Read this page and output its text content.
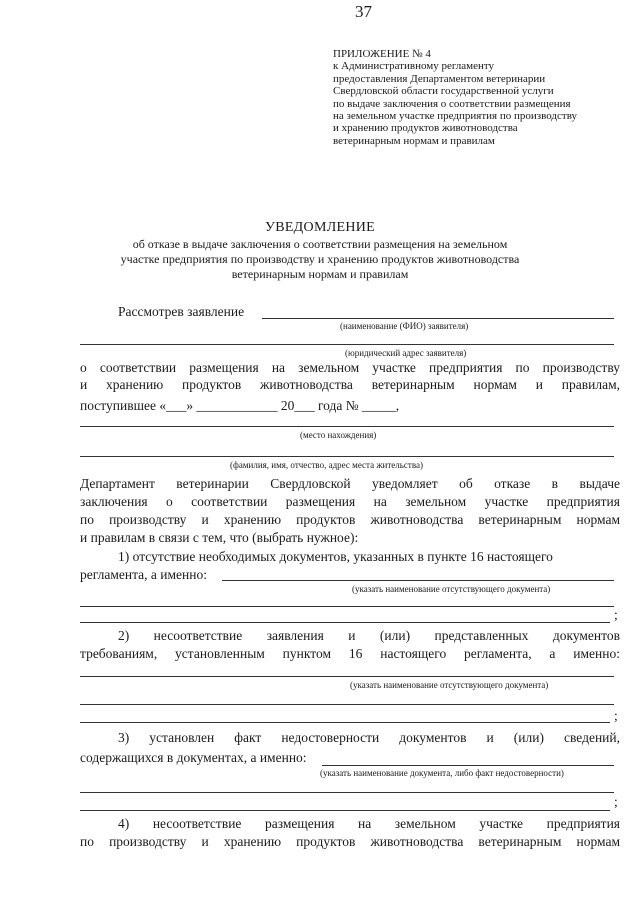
37
ПРИЛОЖЕНИЕ № 4
к Административному регламенту
предоставления Департаментом ветеринарии
Свердловской области государственной услуги
по выдаче заключения о соответствии размещения
на земельном участке предприятия по производству
и хранению продуктов животноводства
ветеринарным нормам и правилам
УВЕДОМЛЕНИЕ
об отказе в выдаче заключения о соответствии размещения на земельном
участке предприятия по производству и хранению продуктов животноводства
ветеринарным нормам и правилам
Рассмотрев заявление
(наименование (ФИО) заявителя)
(юридический адрес заявителя)
о соответствии размещения на земельном участке предприятия по производству
и хранению продуктов животноводства ветеринарным нормам и правилам,
поступившее «___» ____________ 20___ года № _____,
(место нахождения)
(фамилия, имя, отчество, адрес места жительства)
Департамент ветеринарии Свердловской уведомляет об отказе в выдаче
заключения о соответствии размещения на земельном участке предприятия
по производству и хранению продуктов животноводства ветеринарным нормам
и правилам в связи с тем, что (выбрать нужное):
1) отсутствие необходимых документов, указанных в пункте 16 настоящего
регламента, а именно:
(указать наименование отсутствующего документа)
;
2) несоответствие заявления и (или) представленных документов
требованиям, установленным пунктом 16 настоящего регламента, а именно:
(указать наименование отсутствующего документа)
;
3) установлен факт недостоверности документов и (или) сведений,
содержащихся в документах, а именно:
(указать наименование документа, либо факт недостоверности)
;
4) несоответствие размещения на земельном участке предприятия
по производству и хранению продуктов животноводства ветеринарным нормам
